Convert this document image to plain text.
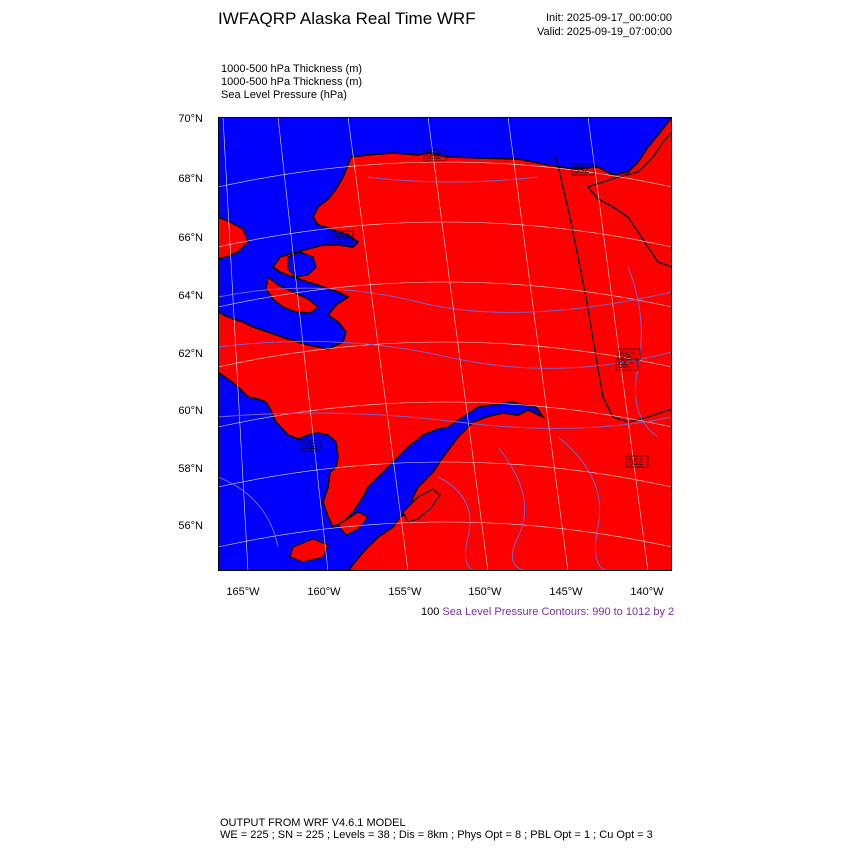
IWFAQRP Alaska Real Time WRF	Init: 2025-09-17_00:00:00
Valid: 2025-09-19_07:00:00
1000-500 hPa Thickness (m)
1000-500 hPa Thickness (m)
Sea Level Pressure (hPa)
552
552
552
552
552
552
552
70°N
68°N
66°N
64°N
62°N
60°N
58°N
56°N
165°W	160°W	155°W	150°W	145°W	140°W
100 Sea Level Pressure Contours: 990 to 1012 by 2
OUTPUT FROM WRF V4.6.1 MODEL
WE = 225 ; SN = 225 ; Levels = 38 ; Dis = 8km ; Phys Opt = 8 ; PBL Opt = 1 ; Cu Opt = 3
